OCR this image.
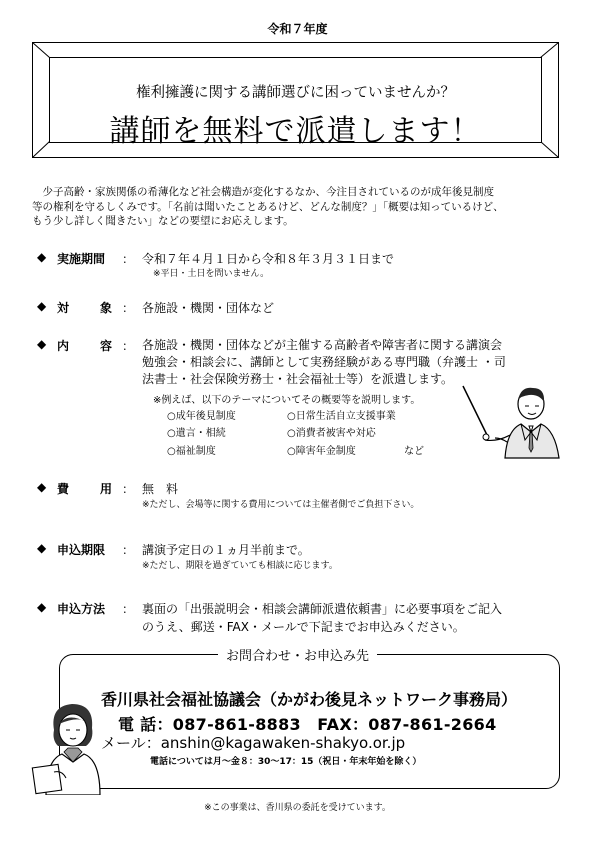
令和７年度
権利擁護に関する講師選びに困っていませんか？
講師を無料で派遣します！
　少子高齢・家族関係の希薄化など社会構造が変化するなか、今注目されているのが成年後見制度
等の権利を守るしくみです。「名前は聞いたことあるけど、どんな制度？」「概要は知っているけど、
もう少し詳しく聞きたい」などの要望にお応えします。
◆ 実施期間 ： 令和７年４月１日から令和８年３月３１日まで
※平日・土日を問いません。
◆ 対	象 ： 各施設・機関・団体など
◆ 内	容 ： 各施設・機関・団体などが主催する高齢者や障害者に関する講演会
勉強会・相談会に、講師として実務経験がある専門職（弁護士 ・司
法書士・社会保険労務士・社会福祉士等）を派遣します。
※例えば、以下のテーマについてその概要等を説明します。
○成年後見制度	○日常生活自立支援事業
○遺言・相続	○消費者被害や対応
○福祉制度	○障害年金制度	など
◆ 費	用 ： 無　料
※ただし、会場等に関する費用については主催者側でご負担下さい。
◆ 申込期限 ： 講演予定日の１ヵ月半前まで。
※ただし、期限を過ぎていても相談に応じます。
◆ 申込方法 ： 裏面の「出張説明会・相談会講師派遣依頼書」に必要事項をご記入
のうえ、郵送・FAX・メールで下記までお申込みください。
お問合わせ・お申込み先
香川県社会福祉協議会（かがわ後見ネットワーク事務局）
電 話：087-861-8883　FAX：087-861-2664
メール：anshin@kagawaken-shakyo.or.jp
電話については月～金８：30～17：15（祝日・年末年始を除く）
※この事業は、香川県の委託を受けています。
